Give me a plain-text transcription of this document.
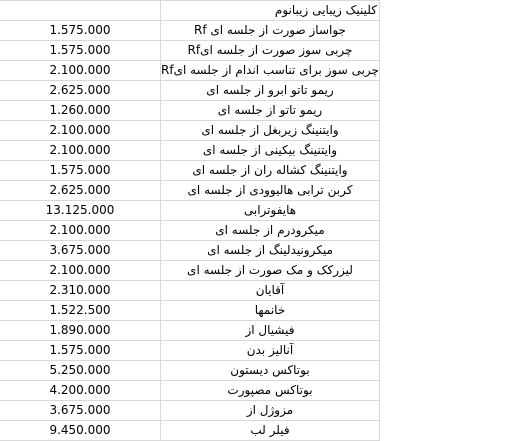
	کلینیک زیبایی زیبانوم
1.575.000	جواساز صورت از جلسه ای Rf
1.575.000	چربی سوز صورت از جلسه ایRf
2.100.000	چربی سوز برای تناسب اندام از جلسه ایRf
2.625.000	ریمو تاتو ابرو از جلسه ای
1.260.000	ریمو تاتو از جلسه ای
2.100.000	وایتنینگ زیربغل از جلسه ای
2.100.000	وایتنینگ بیکینی از جلسه ای
1.575.000	وایتنینگ کشاله ران از جلسه ای
2.625.000	کربن ترابی هالیوودی از جلسه ای
13.125.000	هایفوترابی
2.100.000	میکرودرم از جلسه ای
3.675.000	میکرونیدلینگ از جلسه ای
2.100.000	لیزرکک و مک صورت از جلسه ای
2.310.000	آقایان
1.522.500	خانمها
1.890.000	فیشیال از
1.575.000	آنالیز بدن
5.250.000	بوتاکس دیستون
4.200.000	بوتاکس مصپورت
3.675.000	مزوژل از
9.450.000	فیلر لب
